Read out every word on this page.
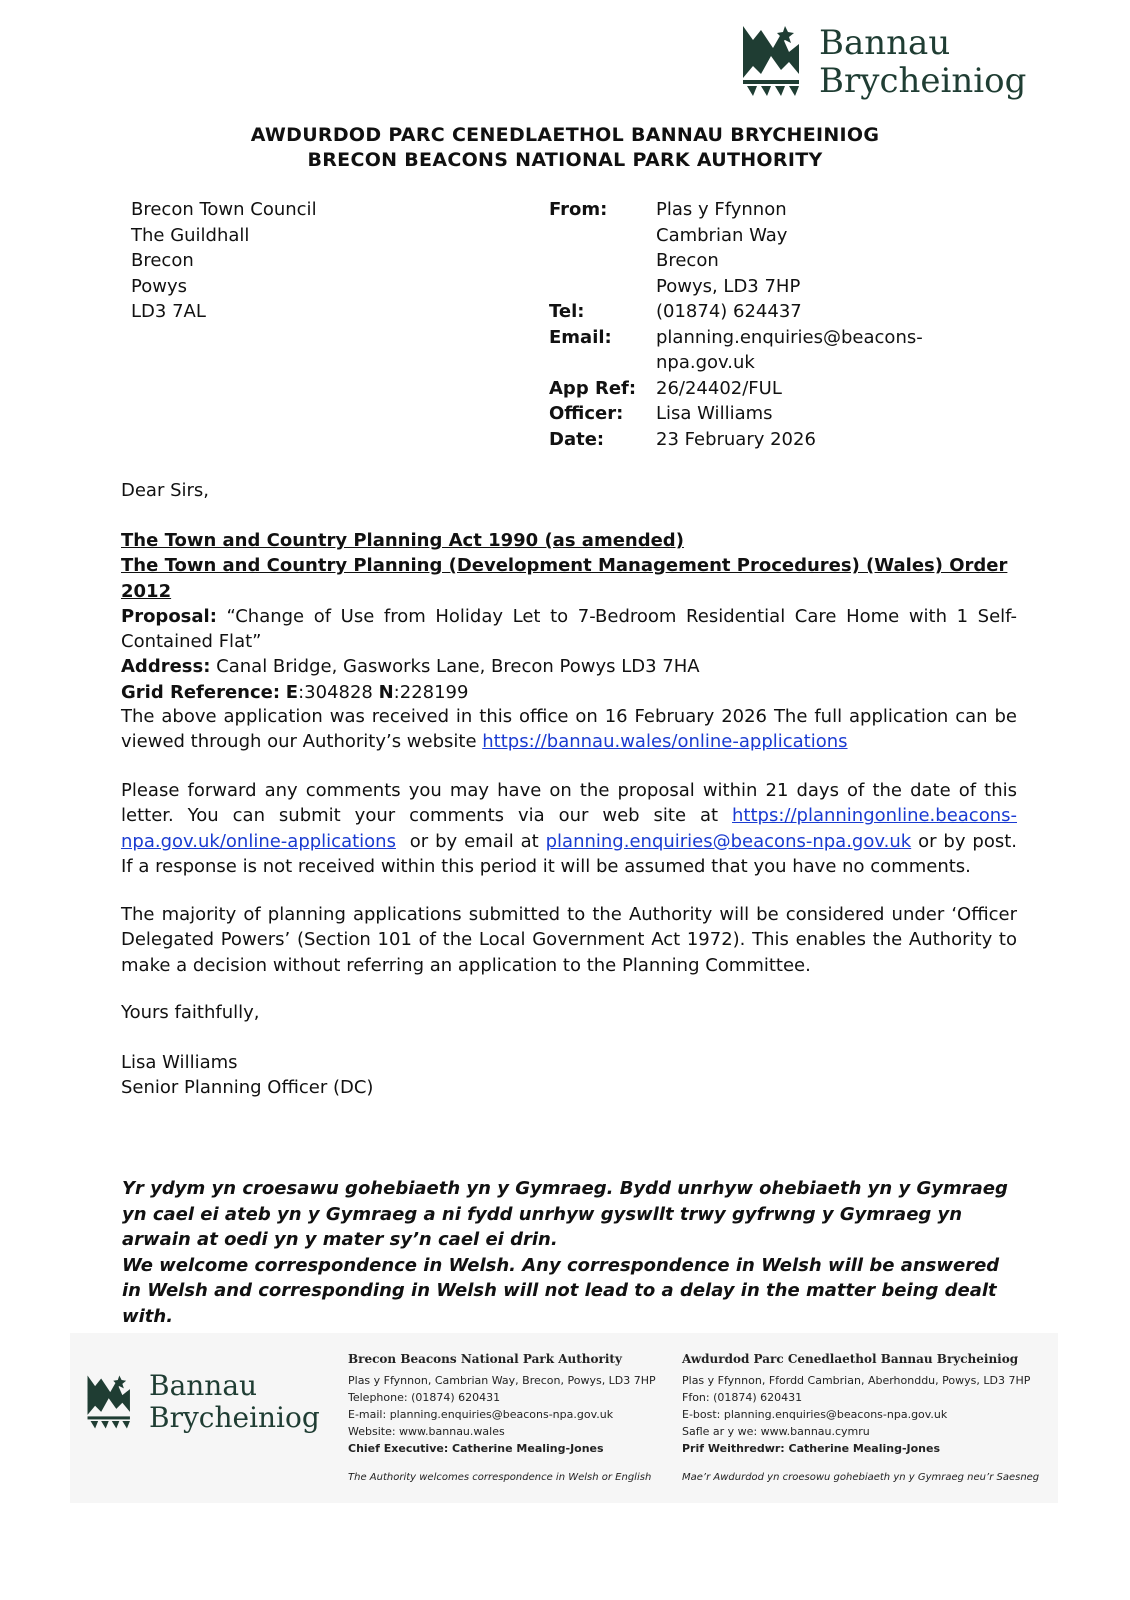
Bannau
Brycheiniog
AWDURDOD PARC CENEDLAETHOL BANNAU BRYCHEINIOG
BRECON BEACONS NATIONAL PARK AUTHORITY
Brecon Town Council
The Guildhall
Brecon
Powys
LD3 7AL
From:

Tel:
Email:

App Ref:
Officer:
Date:
Plas y Ffynnon
Cambrian Way
Brecon
Powys, LD3 7HP
(01874) 624437
planning.enquiries@beacons-
npa.gov.uk
26/24402/FUL
Lisa Williams
23 February 2026
Dear Sirs,
The Town and Country Planning Act 1990 (as amended)
The Town and Country Planning (Development Management Procedures) (Wales) Order 2012
Proposal: “Change of Use from Holiday Let to 7-Bedroom Residential Care Home with 1 Self-Contained Flat”
Address: Canal Bridge, Gasworks Lane, Brecon Powys LD3 7HA
Grid Reference: E:304828 N:228199
The above application was received in this office on 16 February 2026 The full application can be viewed through our Authority’s website https://bannau.wales/online-applications
Please forward any comments you may have on the proposal within 21 days of the date of this letter. You can submit your comments via our web site at https://planningonline.beacons-npa.gov.uk/online-applications  or by email at planning.enquiries@beacons-npa.gov.uk or by post. If a response is not received within this period it will be assumed that you have no comments.
The majority of planning applications submitted to the Authority will be considered under ‘Officer Delegated Powers’ (Section 101 of the Local Government Act 1972). This enables the Authority to make a decision without referring an application to the Planning Committee.
Yours faithfully,
Lisa Williams
Senior Planning Officer (DC)
Yr ydym yn croesawu gohebiaeth yn y Gymraeg. Bydd unrhyw ohebiaeth yn y Gymraeg yn cael ei ateb yn y Gymraeg a ni fydd unrhyw gyswllt trwy gyfrwng y Gymraeg yn arwain at oedi yn y mater sy’n cael ei drin.
We welcome correspondence in Welsh. Any correspondence in Welsh will be answered in Welsh and corresponding in Welsh will not lead to a delay in the matter being dealt with.
Bannau
Brycheiniog
Brecon Beacons National Park Authority
Plas y Ffynnon, Cambrian Way, Brecon, Powys, LD3 7HP
Telephone: (01874) 620431
E-mail: planning.enquiries@beacons-npa.gov.uk
Website: www.bannau.wales
Chief Executive: Catherine Mealing-Jones
The Authority welcomes correspondence in Welsh or English
Awdurdod Parc Cenedlaethol Bannau Brycheiniog
Plas y Ffynnon, Ffordd Cambrian, Aberhonddu, Powys, LD3 7HP
Ffon: (01874) 620431
E-bost: planning.enquiries@beacons-npa.gov.uk
Safle ar y we: www.bannau.cymru
Prif Weithredwr: Catherine Mealing-Jones
Mae’r Awdurdod yn croesowu gohebiaeth yn y Gymraeg neu’r Saesneg
